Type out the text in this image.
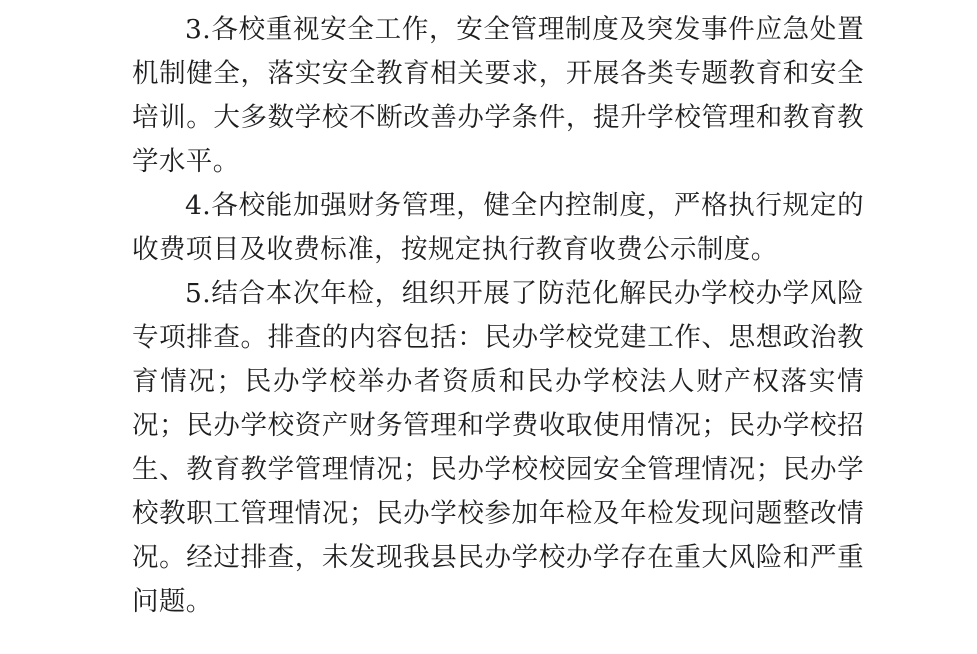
3.各校重视安全工作，安全管理制度及突发事件应急处置机制健全，落实安全教育相关要求，开展各类专题教育和安全培训。大多数学校不断改善办学条件，提升学校管理和教育教学水平。

4.各校能加强财务管理，健全内控制度，严格执行规定的收费项目及收费标准，按规定执行教育收费公示制度。

5.结合本次年检，组织开展了防范化解民办学校办学风险专项排查。排查的内容包括：民办学校党建工作、思想政治教育情况；民办学校举办者资质和民办学校法人财产权落实情况；民办学校资产财务管理和学费收取使用情况；民办学校招生、教育教学管理情况；民办学校校园安全管理情况；民办学校教职工管理情况；民办学校参加年检及年检发现问题整改情况。经过排查，未发现我县民办学校办学存在重大风险和严重问题。
